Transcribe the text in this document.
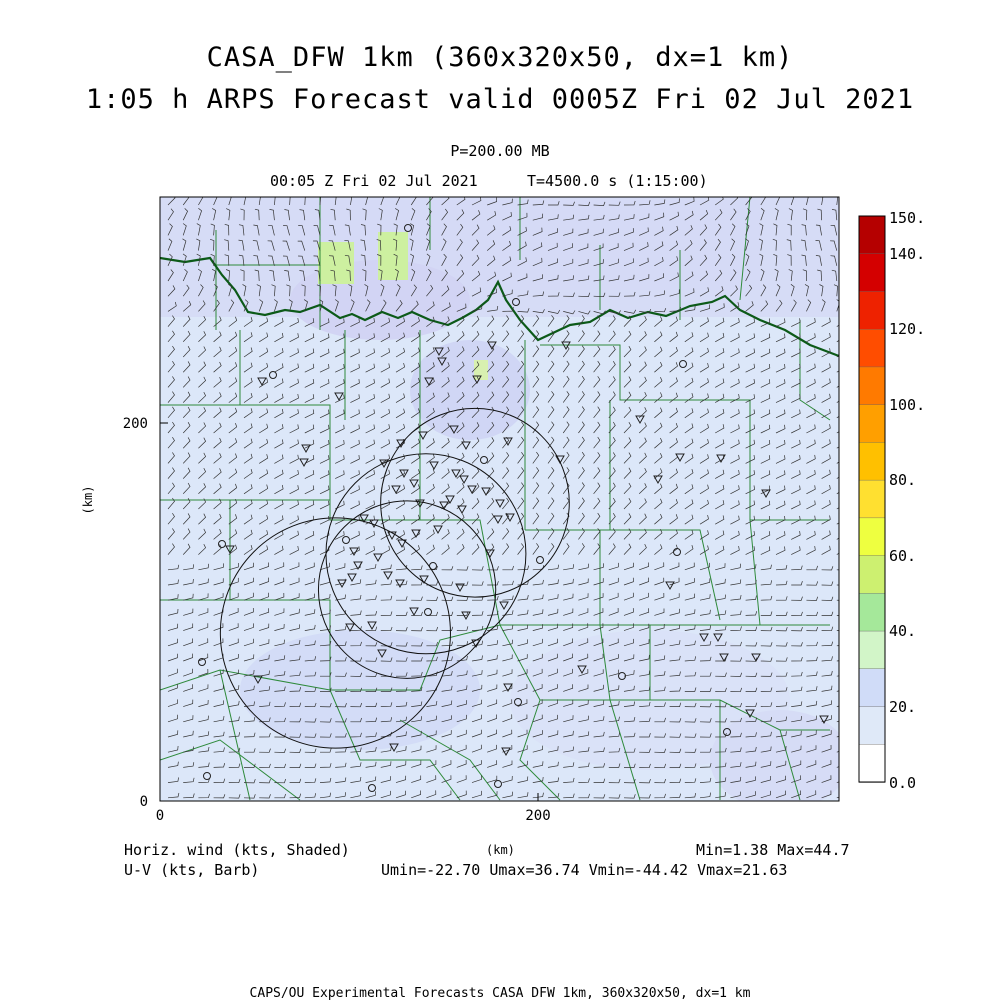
CASA_DFW 1km (360x320x50, dx=1 km)
1:05 h ARPS Forecast valid 0005Z Fri 02 Jul 2021
P=200.00 MB
00:05 Z Fri 02 Jul 2021	T=4500.0 s (1:15:00)
200
0
0	200
(km)
150.
140.
120.
100.
80.
60.
40.
20.
0.0
Horiz. wind (kts, Shaded)
U-V (kts, Barb)
(km)	Min=1.38 Max=44.7
Umin=-22.70 Umax=36.74 Vmin=-44.42 Vmax=21.63
CAPS/OU Experimental Forecasts CASA DFW 1km, 360x320x50, dx=1 km
